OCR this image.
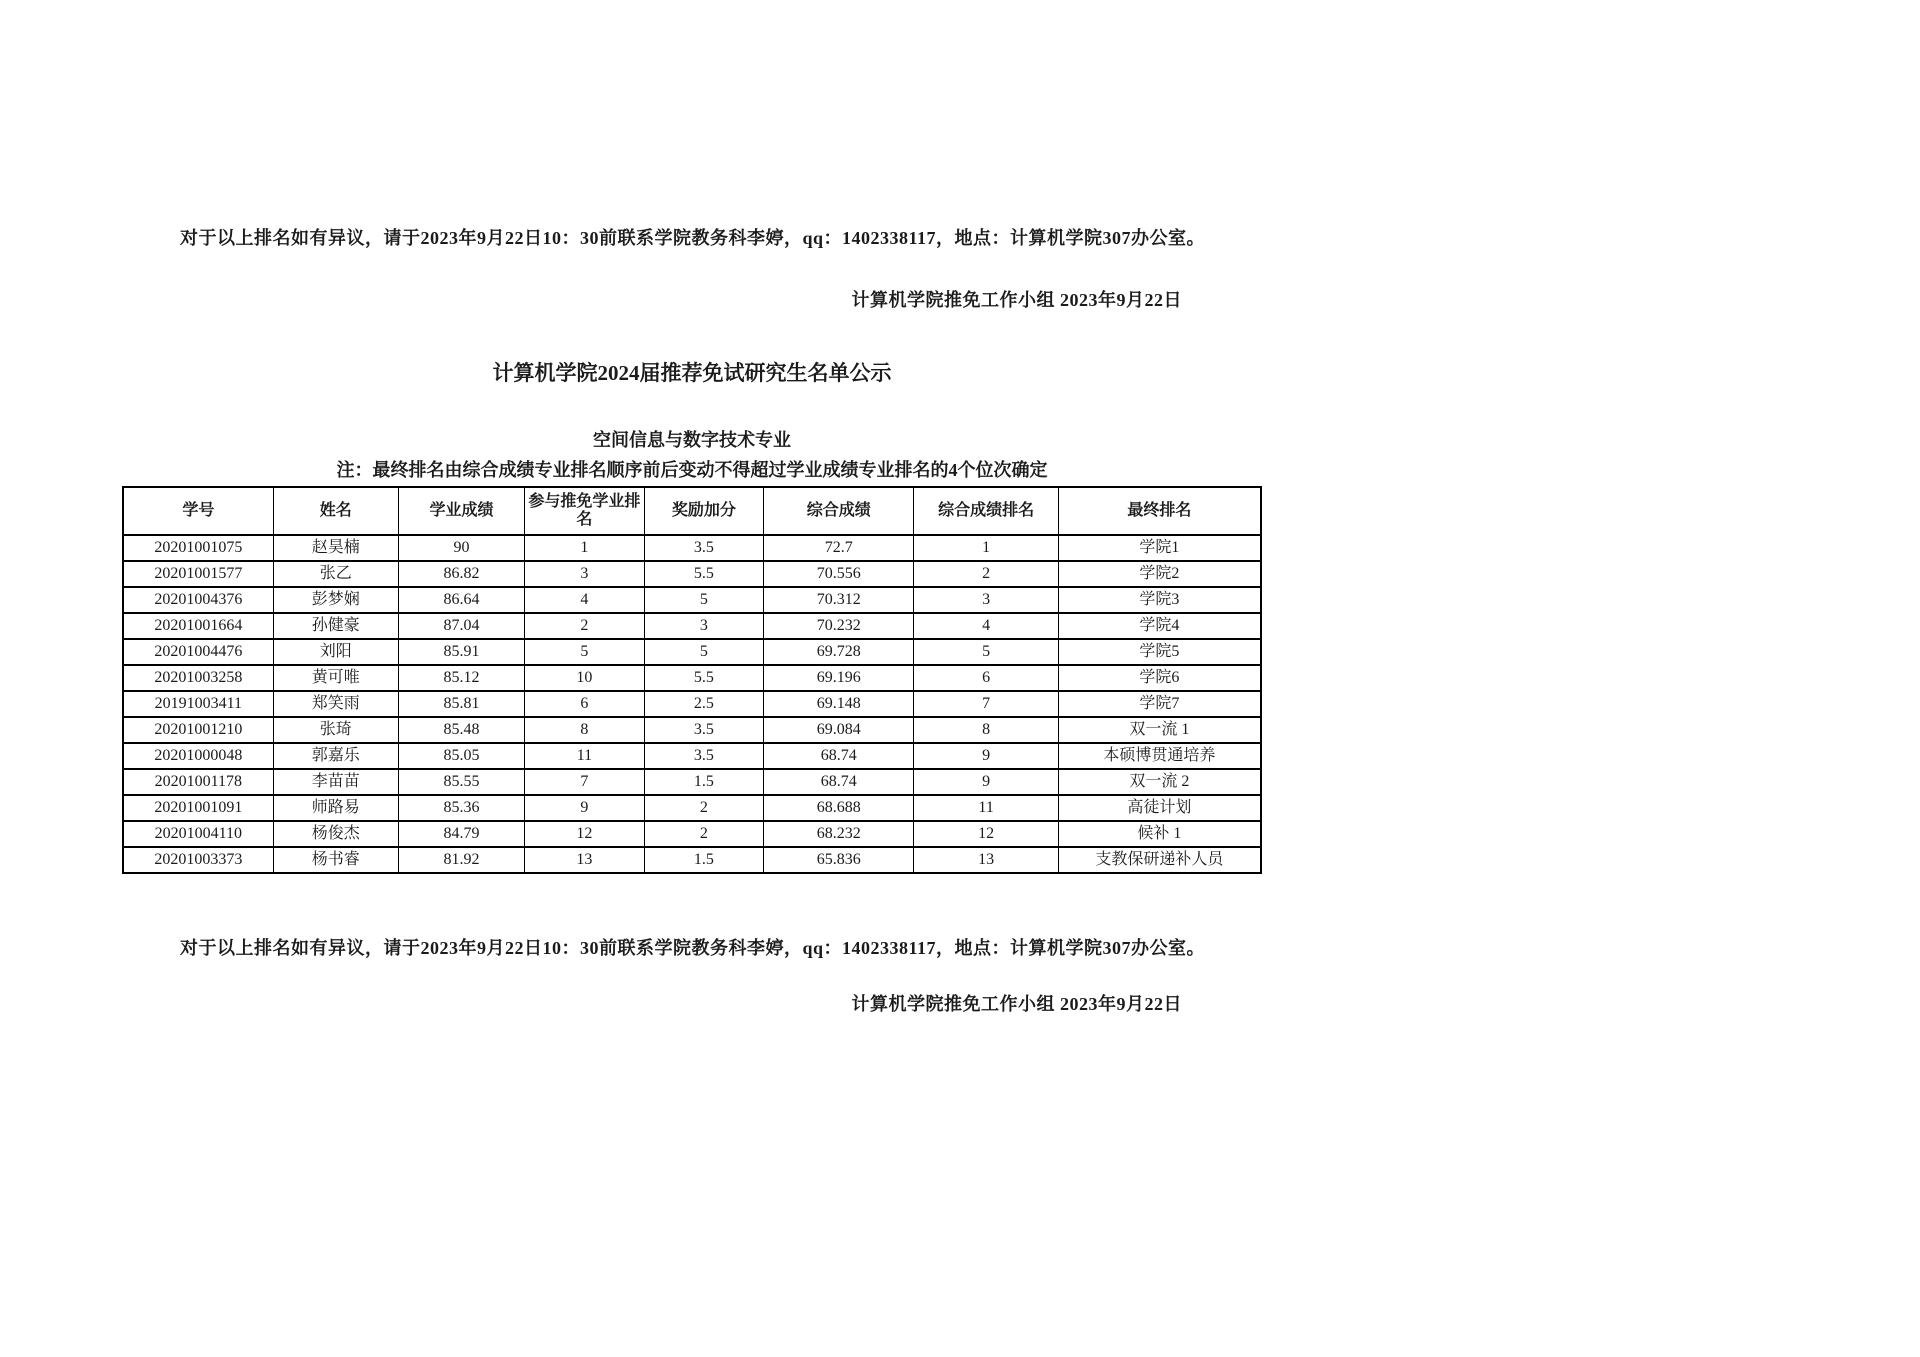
对于以上排名如有异议，请于2023年9月22日10：30前联系学院教务科李婷，qq：1402338117，地点：计算机学院307办公室。

计算机学院推免工作小组 2023年9月22日
计算机学院2024届推荐免试研究生名单公示
空间信息与数字技术专业
注：最终排名由综合成绩专业排名顺序前后变动不得超过学业成绩专业排名的4个位次确定
学号	姓名	学业成绩	参与推免学业排名	奖励加分	综合成绩	综合成绩排名	最终排名
20201001075	赵昊楠	90	1	3.5	72.7	1	学院1
20201001577	张乙	86.82	3	5.5	70.556	2	学院2
20201004376	彭梦娴	86.64	4	5	70.312	3	学院3
20201001664	孙健豪	87.04	2	3	70.232	4	学院4
20201004476	刘阳	85.91	5	5	69.728	5	学院5
20201003258	黄可唯	85.12	10	5.5	69.196	6	学院6
20191003411	郑笑雨	85.81	6	2.5	69.148	7	学院7
20201001210	张琦	85.48	8	3.5	69.084	8	双一流 1
20201000048	郭嘉乐	85.05	11	3.5	68.74	9	本硕博贯通培养
20201001178	李苗苗	85.55	7	1.5	68.74	9	双一流 2
20201001091	师路易	85.36	9	2	68.688	11	高徒计划
20201004110	杨俊杰	84.79	12	2	68.232	12	候补 1
20201003373	杨书睿	81.92	13	1.5	65.836	13	支教保研递补人员

对于以上排名如有异议，请于2023年9月22日10：30前联系学院教务科李婷，qq：1402338117，地点：计算机学院307办公室。

计算机学院推免工作小组 2023年9月22日
